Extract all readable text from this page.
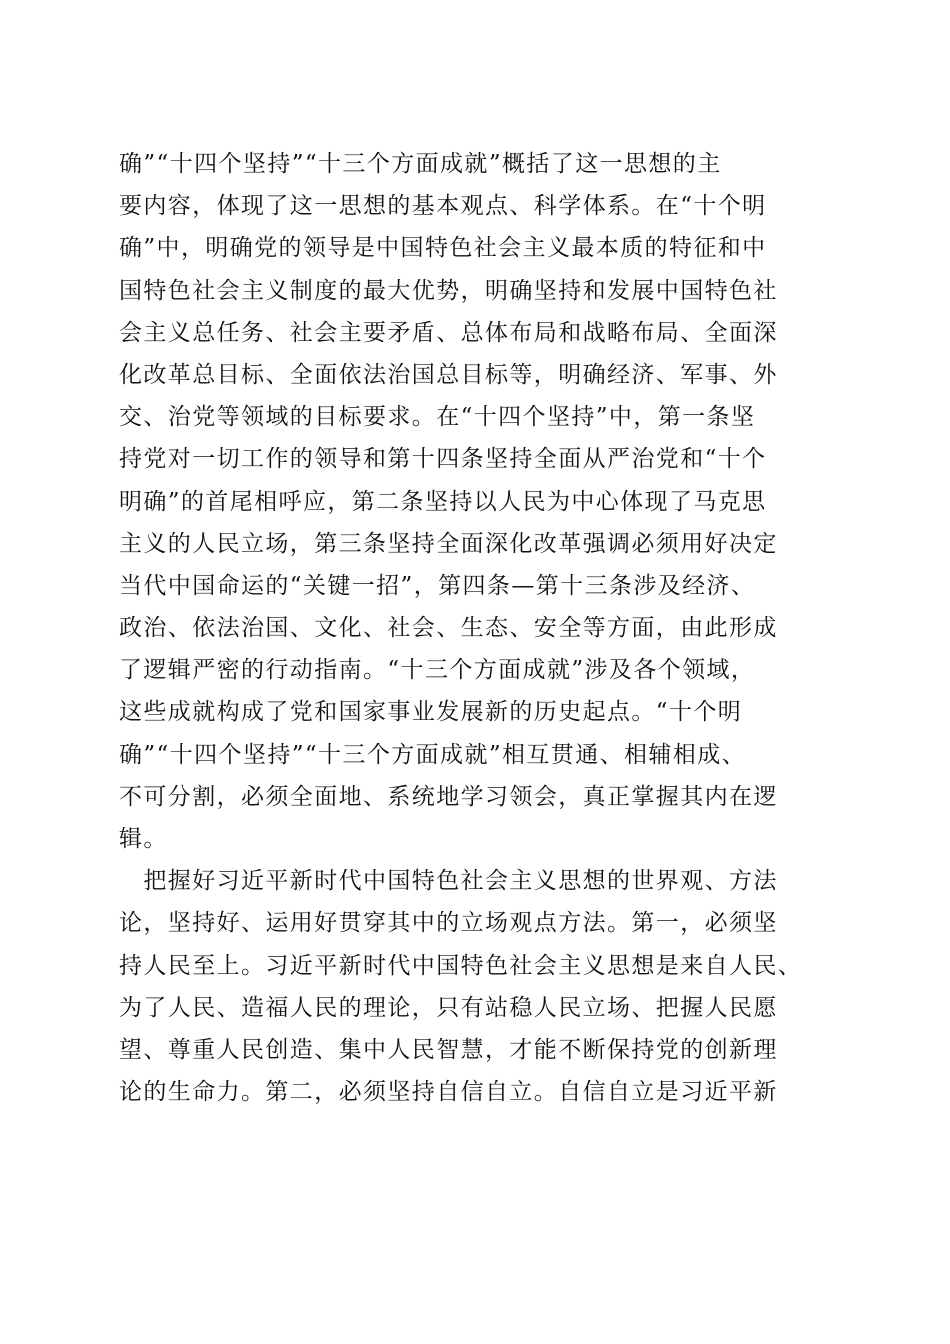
确”“十四个坚持”“十三个方面成就”概括了这一思想的主
要内容，体现了这一思想的基本观点、科学体系。在“十个明
确”中，明确党的领导是中国特色社会主义最本质的特征和中
国特色社会主义制度的最大优势，明确坚持和发展中国特色社
会主义总任务、社会主要矛盾、总体布局和战略布局、全面深
化改革总目标、全面依法治国总目标等，明确经济、军事、外
交、治党等领域的目标要求。在“十四个坚持”中，第一条坚
持党对一切工作的领导和第十四条坚持全面从严治党和“十个
明确”的首尾相呼应，第二条坚持以人民为中心体现了马克思
主义的人民立场，第三条坚持全面深化改革强调必须用好决定
当代中国命运的“关键一招”，第四条—第十三条涉及经济、
政治、依法治国、文化、社会、生态、安全等方面，由此形成
了逻辑严密的行动指南。“十三个方面成就”涉及各个领域，
这些成就构成了党和国家事业发展新的历史起点。“十个明
确”“十四个坚持”“十三个方面成就”相互贯通、相辅相成、
不可分割，必须全面地、系统地学习领会，真正掌握其内在逻
辑。
　把握好习近平新时代中国特色社会主义思想的世界观、方法
论，坚持好、运用好贯穿其中的立场观点方法。第一，必须坚
持人民至上。习近平新时代中国特色社会主义思想是来自人民、
为了人民、造福人民的理论，只有站稳人民立场、把握人民愿
望、尊重人民创造、集中人民智慧，才能不断保持党的创新理
论的生命力。第二，必须坚持自信自立。自信自立是习近平新
